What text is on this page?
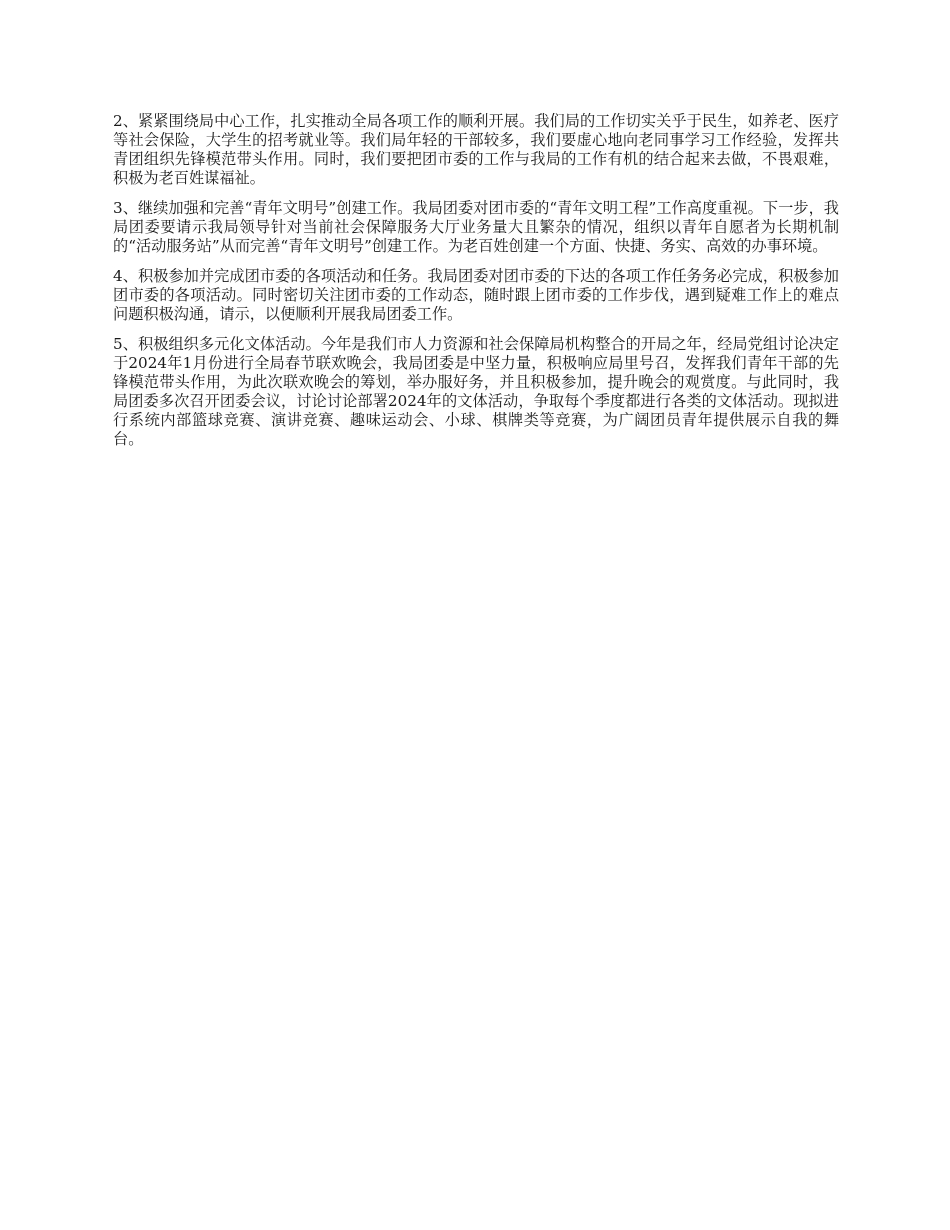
2、紧紧围绕局中心工作，扎实推动全局各项工作的顺利开展。我们局的工作切实关乎于民生，如养老、医疗等社会保险，大学生的招考就业等。我们局年轻的干部较多，我们要虚心地向老同事学习工作经验，发挥共青团组织先锋模范带头作用。同时，我们要把团市委的工作与我局的工作有机的结合起来去做，不畏艰难，积极为老百姓谋福祉。

3、继续加强和完善“青年文明号”创建工作。我局团委对团市委的“青年文明工程”工作高度重视。下一步，我局团委要请示我局领导针对当前社会保障服务大厅业务量大且繁杂的情况，组织以青年自愿者为长期机制的“活动服务站”从而完善“青年文明号”创建工作。为老百姓创建一个方面、快捷、务实、高效的办事环境。

4、积极参加并完成团市委的各项活动和任务。我局团委对团市委的下达的各项工作任务务必完成，积极参加团市委的各项活动。同时密切关注团市委的工作动态，随时跟上团市委的工作步伐，遇到疑难工作上的难点问题积极沟通，请示，以便顺利开展我局团委工作。

5、积极组织多元化文体活动。今年是我们市人力资源和社会保障局机构整合的开局之年，经局党组讨论决定于2024年1月份进行全局春节联欢晚会，我局团委是中坚力量，积极响应局里号召，发挥我们青年干部的先锋模范带头作用，为此次联欢晚会的筹划，举办服好务，并且积极参加，提升晚会的观赏度。与此同时，我局团委多次召开团委会议，讨论讨论部署2024年的文体活动，争取每个季度都进行各类的文体活动。现拟进行系统内部篮球竞赛、演讲竞赛、趣味运动会、小球、棋牌类等竞赛，为广阔团员青年提供展示自我的舞台。
